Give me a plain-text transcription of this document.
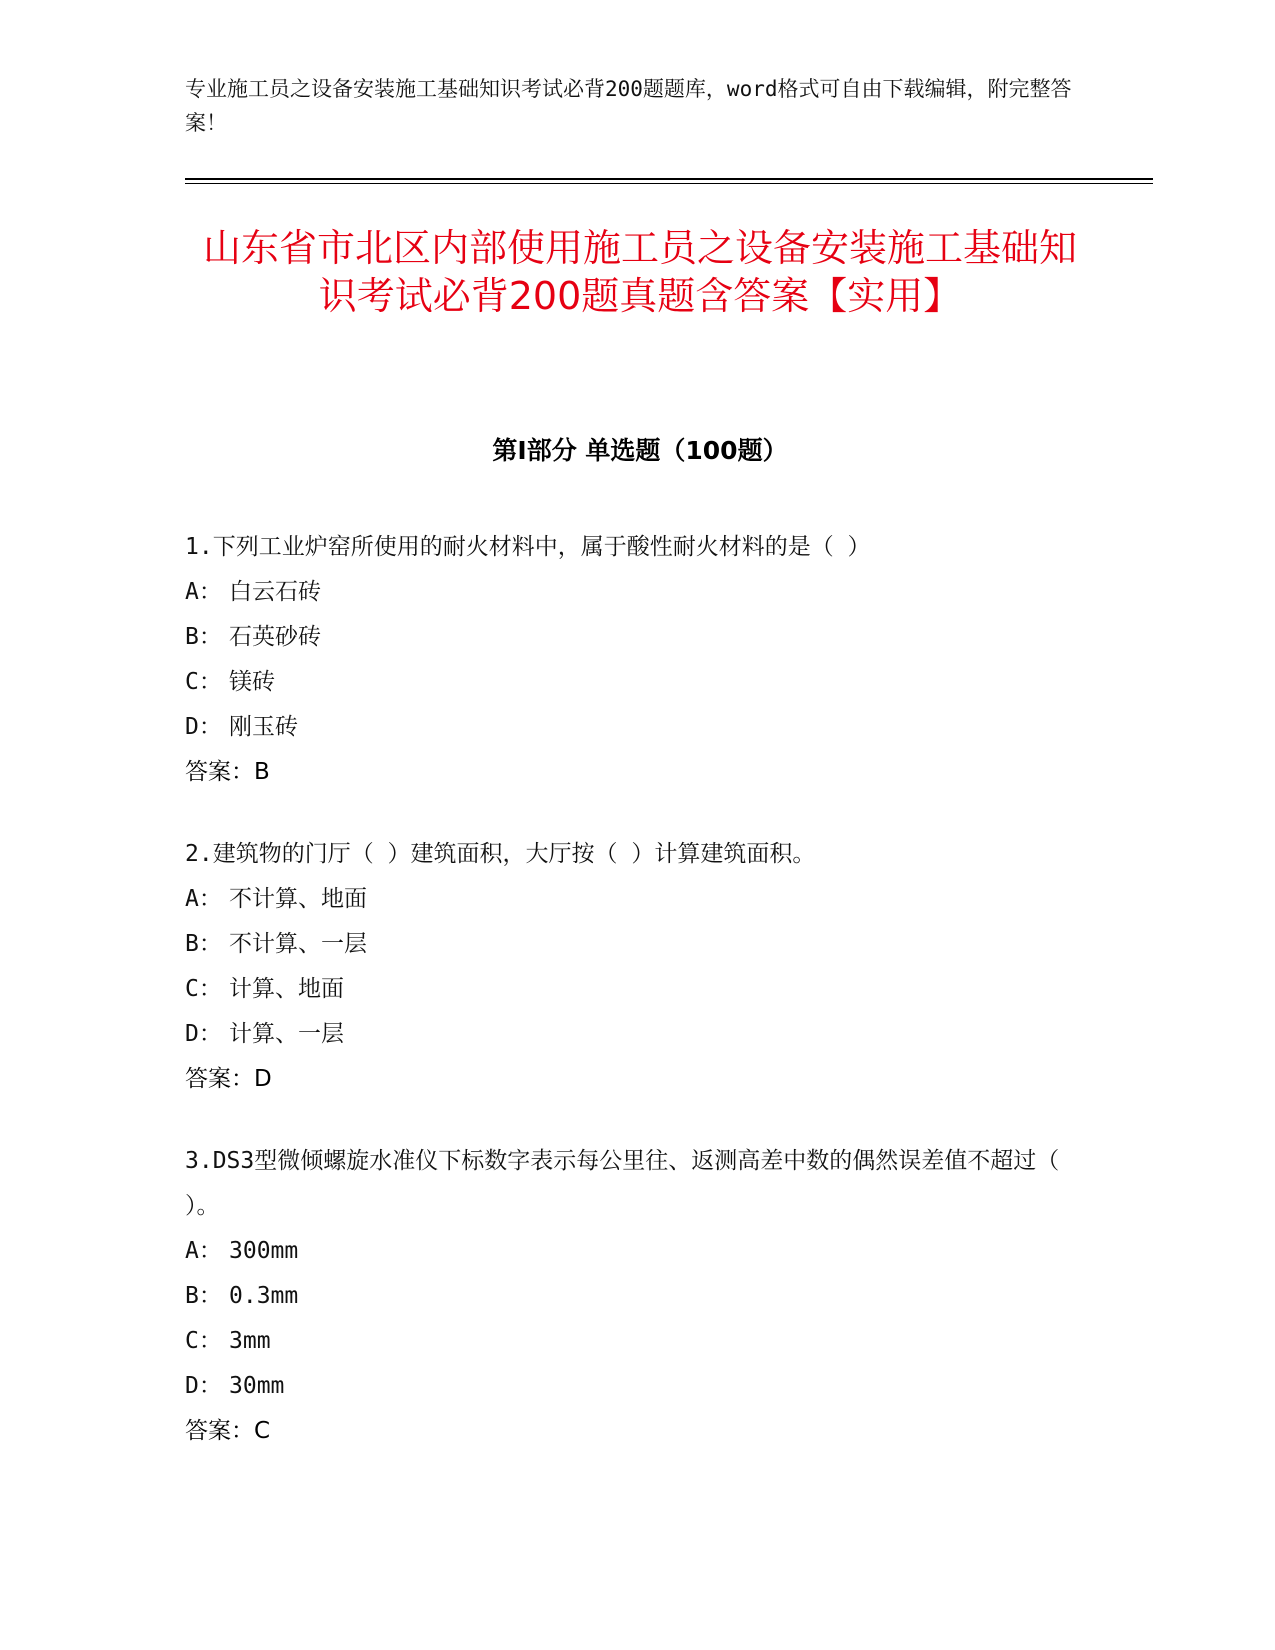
专业施工员之设备安装施工基础知识考试必背200题题库，word格式可自由下载编辑，附完整答案！
山东省市北区内部使用施工员之设备安装施工基础知识考试必背200题真题含答案【实用】
第I部分 单选题（100题）

1.下列工业炉窑所使用的耐火材料中，属于酸性耐火材料的是（ ）

A： 白云石砖
B： 石英砂砖
C： 镁砖
D： 刚玉砖
答案：B

2.建筑物的门厅（ ）建筑面积，大厅按（ ）计算建筑面积。

A： 不计算、地面
B： 不计算、一层
C： 计算、地面
D： 计算、一层
答案：D

3.DS3型微倾螺旋水准仪下标数字表示每公里往、返测高差中数的偶然误差值不超过（ ）。

A： 300mm
B： 0.3mm
C： 3mm
D： 30mm
答案：C
